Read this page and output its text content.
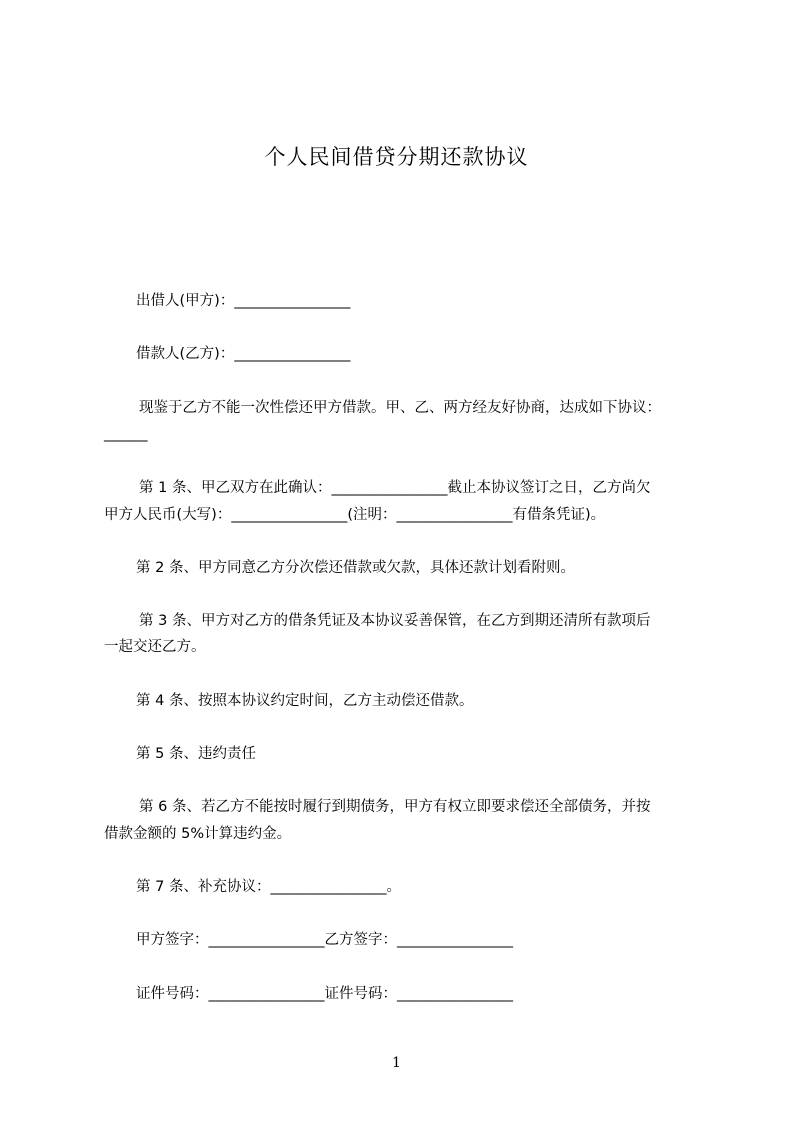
个人民间借贷分期还款协议
出借人(甲方)：________________
借款人(乙方)：________________
现鉴于乙方不能一次性偿还甲方借款。甲、乙、两方经友好协商，达成如下协议：
______
第 1 条、甲乙双方在此确认：________________截止本协议签订之日，乙方尚欠
甲方人民币(大写)：________________(注明：________________有借条凭证)。
第 2 条、甲方同意乙方分次偿还借款或欠款，具体还款计划看附则。
第 3 条、甲方对乙方的借条凭证及本协议妥善保管，在乙方到期还清所有款项后
一起交还乙方。
第 4 条、按照本协议约定时间，乙方主动偿还借款。
第 5 条、违约责任
第 6 条、若乙方不能按时履行到期债务，甲方有权立即要求偿还全部债务，并按
借款金额的 5%计算违约金。
第 7 条、补充协议：________________。
甲方签字：________________乙方签字：________________
证件号码：________________证件号码：________________
1
